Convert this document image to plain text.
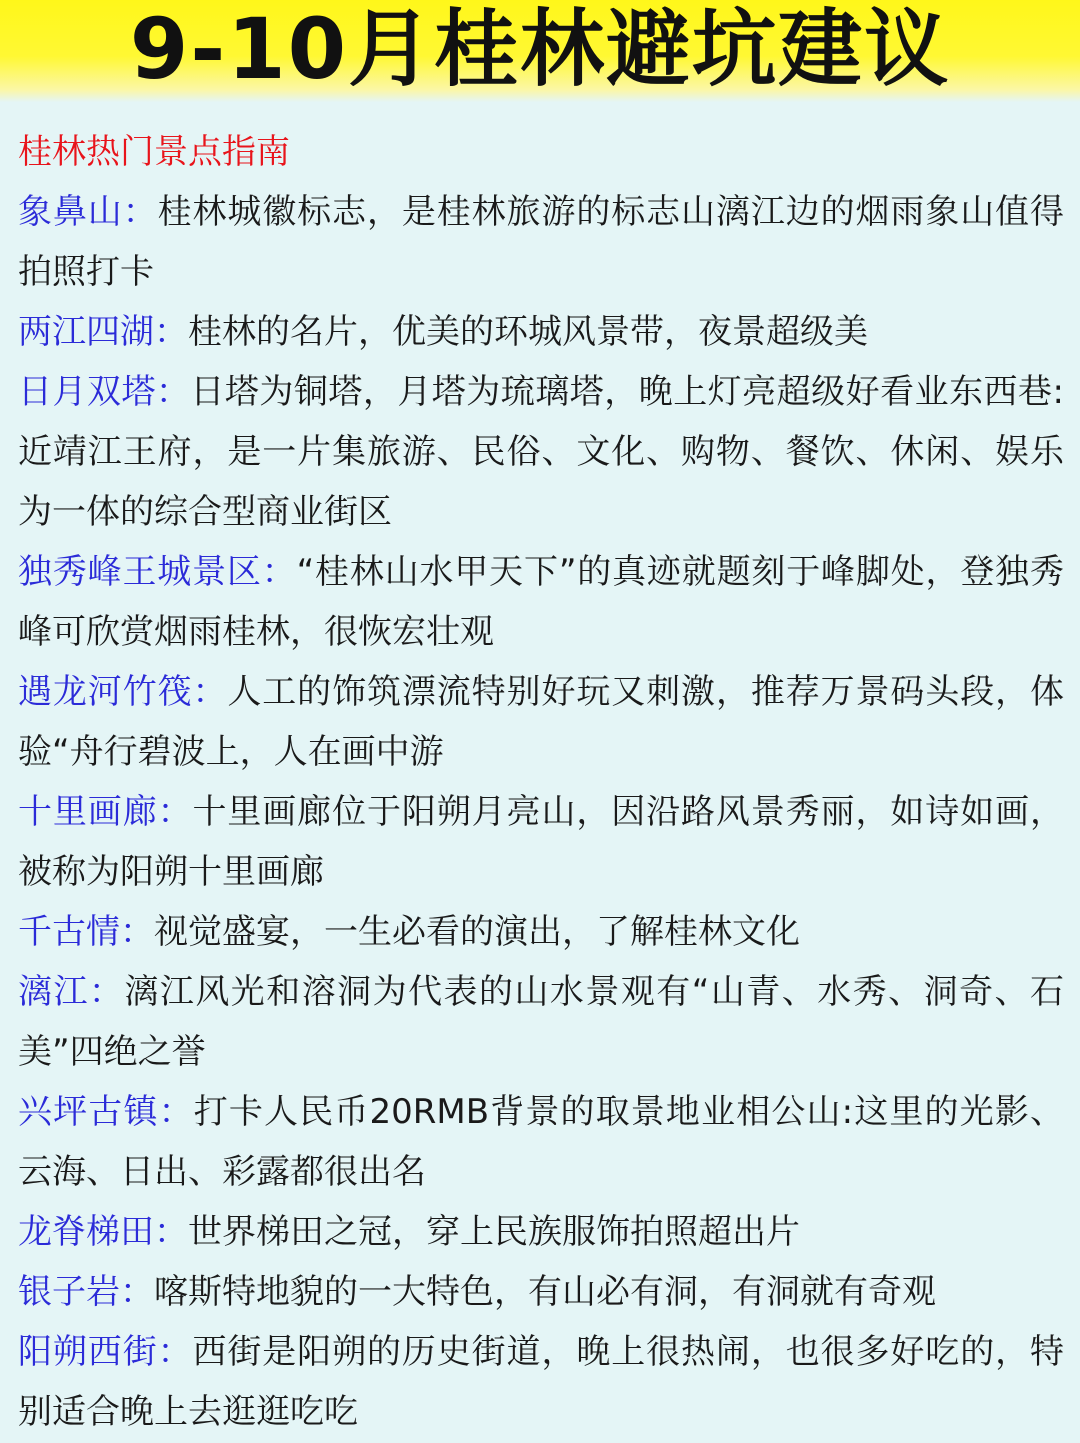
9-10月桂林避坑建议
桂林热门景点指南
象鼻山：桂林城徽标志，是桂林旅游的标志山漓江边的烟雨象山值得拍照打卡
两江四湖：桂林的名片，优美的环城风景带，夜景超级美
日月双塔：日塔为铜塔，月塔为琉璃塔，晚上灯亮超级好看业东西巷:近靖江王府，是一片集旅游、民俗、文化、购物、餐饮、休闲、娱乐为一体的综合型商业街区
独秀峰王城景区：“桂林山水甲天下”的真迹就题刻于峰脚处，登独秀峰可欣赏烟雨桂林，很恢宏壮观
遇龙河竹筏：人工的饰筑漂流特别好玩又刺激，推荐万景码头段，体验“舟行碧波上，人在画中游
十里画廊：十里画廊位于阳朔月亮山，因沿路风景秀丽，如诗如画，被称为阳朔十里画廊
千古情：视觉盛宴，一生必看的演出，了解桂林文化
漓江：漓江风光和溶洞为代表的山水景观有“山青、水秀、洞奇、石美”四绝之誉
兴坪古镇：打卡人民币20RMB背景的取景地业相公山:这里的光影、云海、日出、彩露都很出名
龙脊梯田：世界梯田之冠，穿上民族服饰拍照超出片
银子岩：喀斯特地貌的一大特色，有山必有洞，有洞就有奇观
阳朔西街：西街是阳朔的历史街道，晚上很热闹，也很多好吃的，特别适合晚上去逛逛吃吃
